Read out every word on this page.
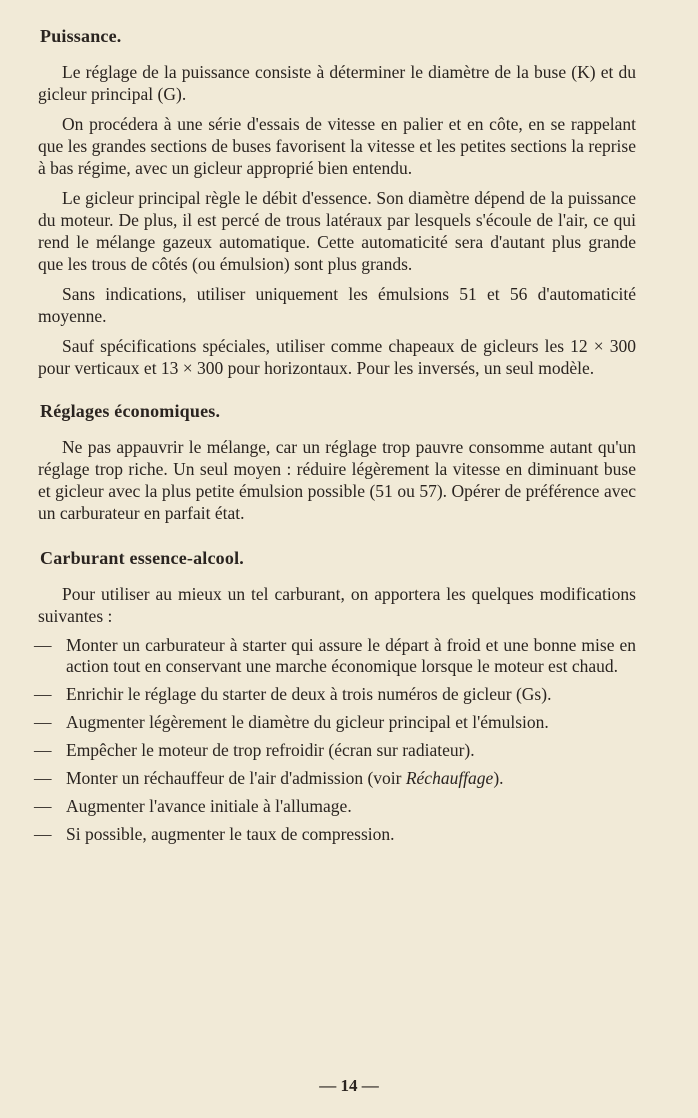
Puissance.

Le réglage de la puissance consiste à déterminer le diamètre de la buse (K) et du gicleur principal (G).

On procédera à une série d'essais de vitesse en palier et en côte, en se rappelant que les grandes sections de buses favorisent la vitesse et les petites sections la reprise à bas régime, avec un gicleur approprié bien entendu.

Le gicleur principal règle le débit d'essence. Son diamètre dépend de la puissance du moteur. De plus, il est percé de trous latéraux par lesquels s'écoule de l'air, ce qui rend le mélange gazeux automatique. Cette automaticité sera d'autant plus grande que les trous de côtés (ou émulsion) sont plus grands.

Sans indications, utiliser uniquement les émulsions 51 et 56 d'automaticité moyenne.

Sauf spécifications spéciales, utiliser comme chapeaux de gicleurs les 12 × 300 pour verticaux et 13 × 300 pour horizontaux. Pour les inversés, un seul modèle.

Réglages économiques.

Ne pas appauvrir le mélange, car un réglage trop pauvre consomme autant qu'un réglage trop riche. Un seul moyen : réduire légèrement la vitesse en diminuant buse et gicleur avec la plus petite émulsion possible (51 ou 57). Opérer de préférence avec un carburateur en parfait état.

Carburant essence-alcool.

Pour utiliser au mieux un tel carburant, on apportera les quelques modifications suivantes :

— Monter un carburateur à starter qui assure le départ à froid et une bonne mise en action tout en conservant une marche économique lorsque le moteur est chaud.
— Enrichir le réglage du starter de deux à trois numéros de gicleur (Gs).
— Augmenter légèrement le diamètre du gicleur principal et l'émulsion.
— Empêcher le moteur de trop refroidir (écran sur radiateur).
— Monter un réchauffeur de l'air d'admission (voir Réchauffage).
— Augmenter l'avance initiale à l'allumage.
— Si possible, augmenter le taux de compression.
— 14 —
